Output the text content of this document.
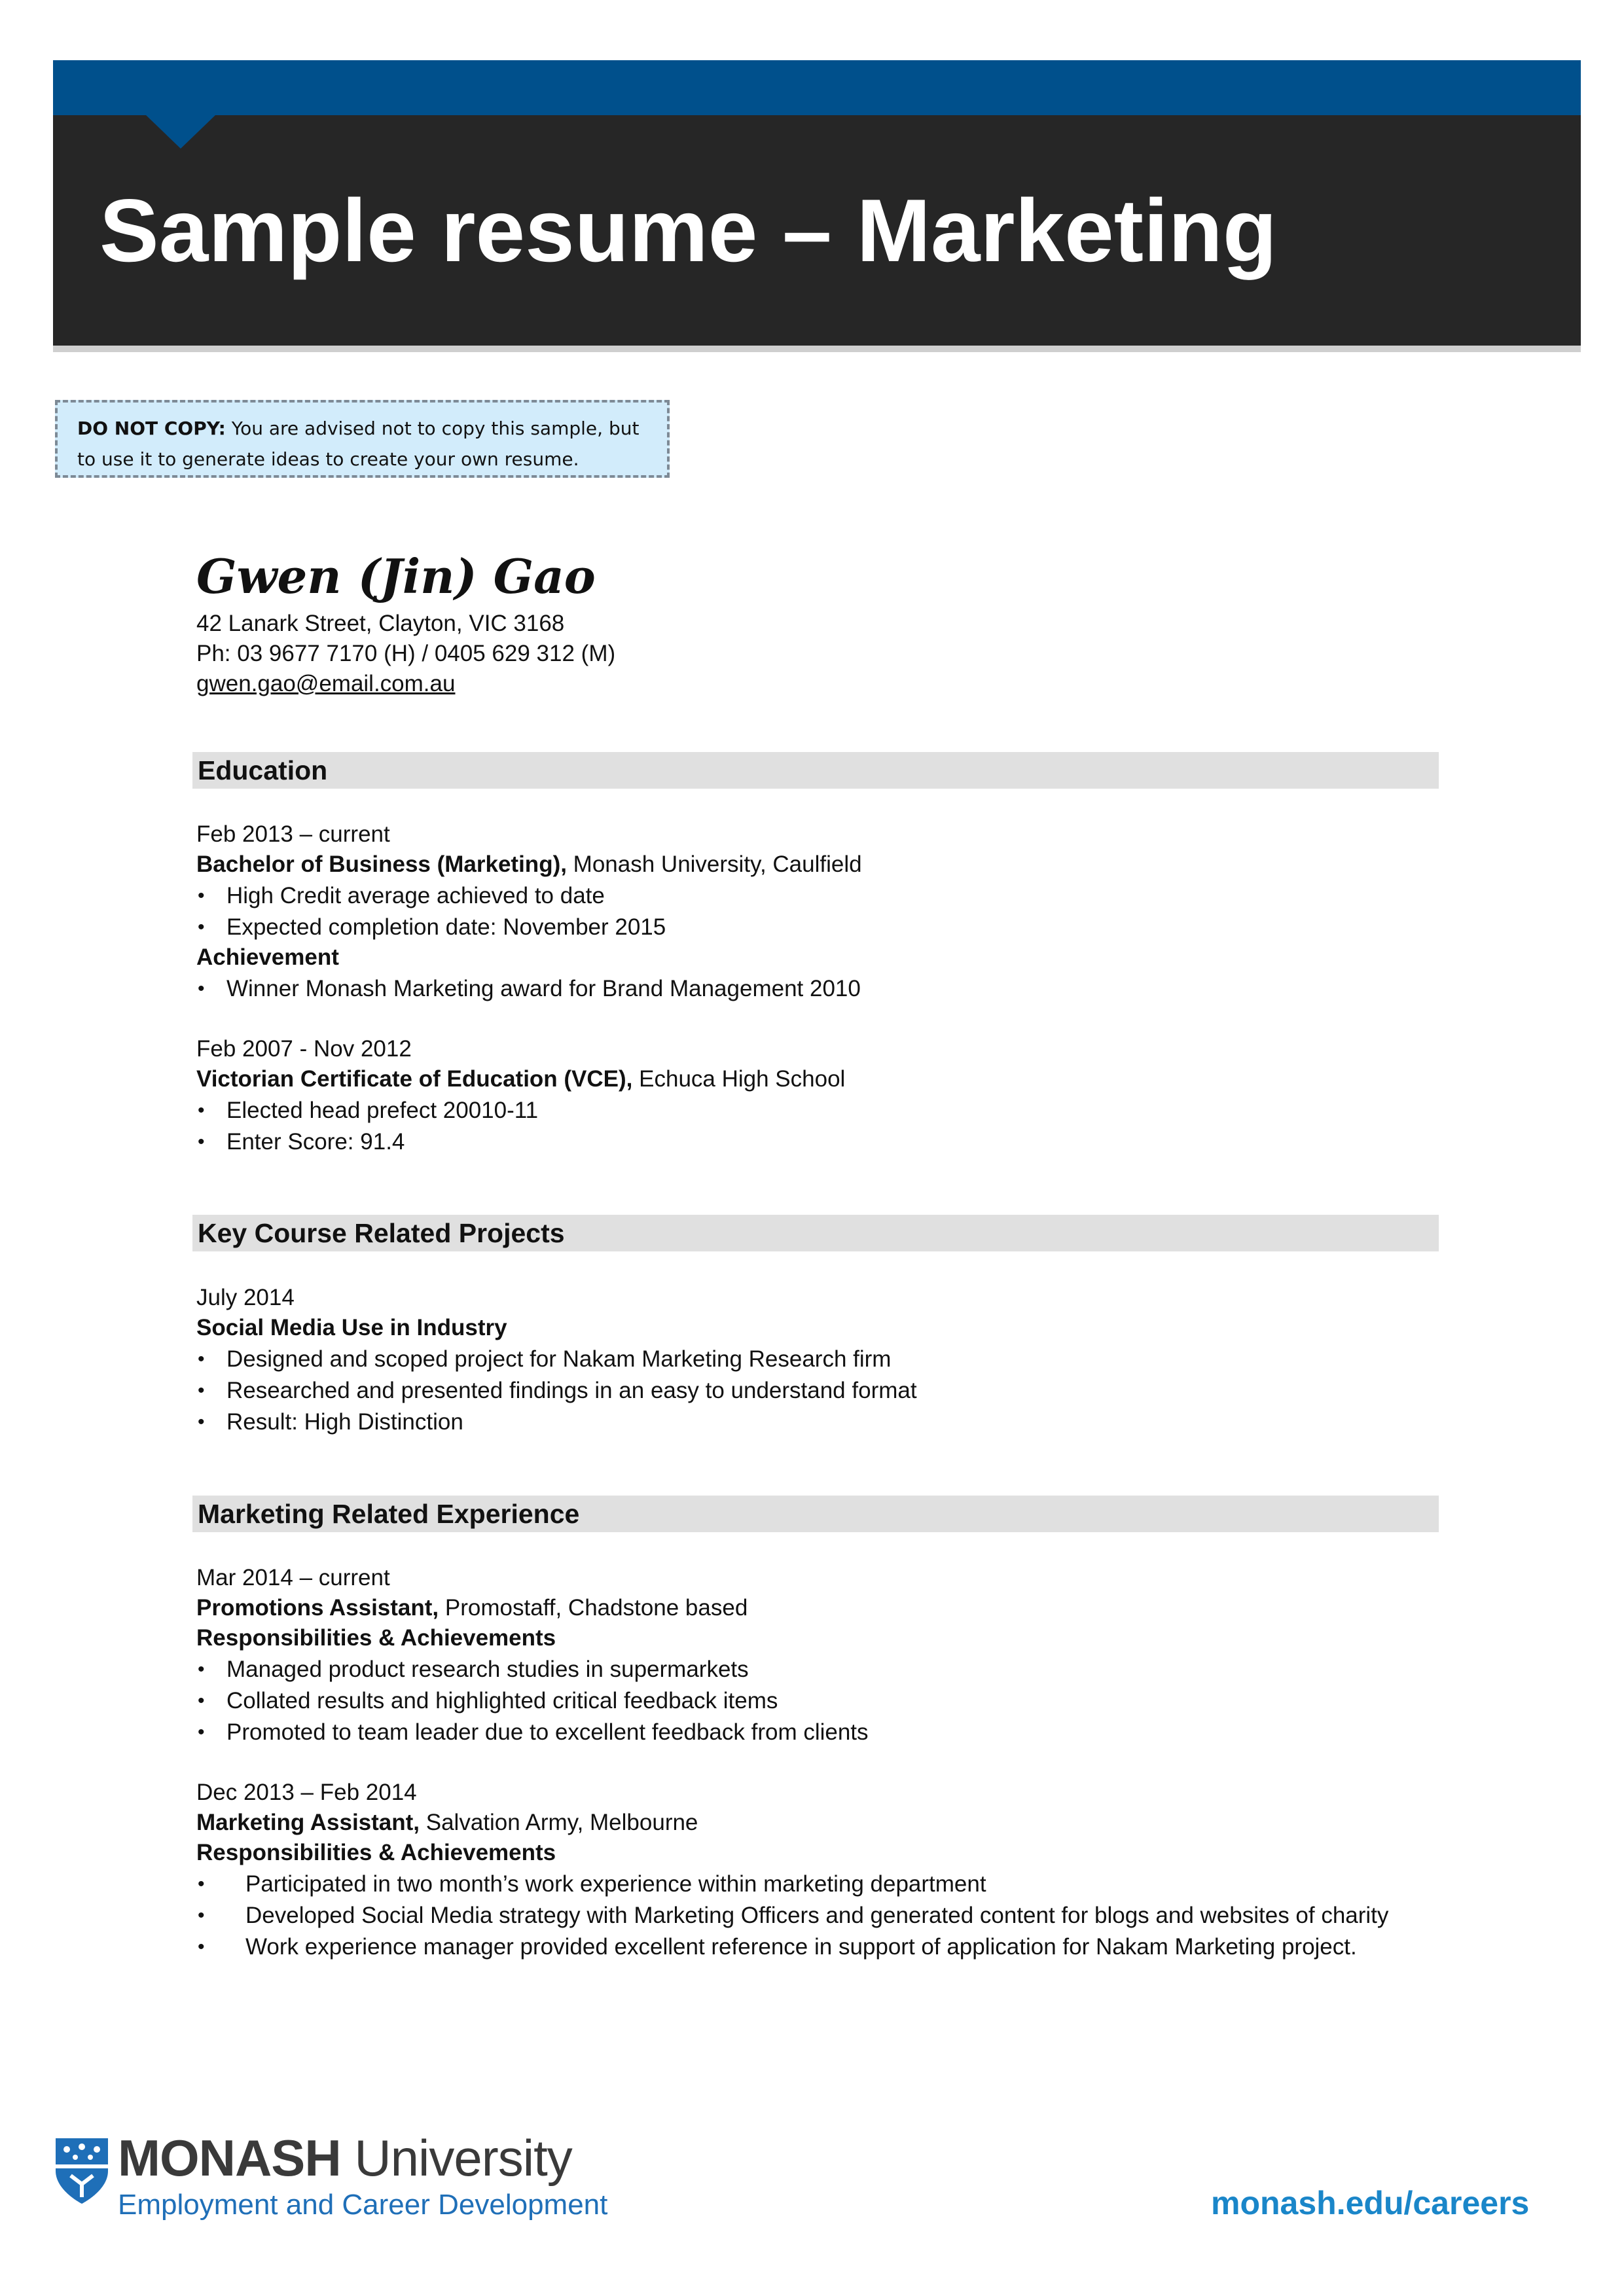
Sample resume – Marketing
DO NOT COPY: You are advised not to copy this sample, but to use it to generate ideas to create your own resume.
Gwen (Jin) Gao
42 Lanark Street, Clayton, VIC 3168
Ph: 03 9677 7170 (H) / 0405 629 312 (M)
gwen.gao@email.com.au
Education
Feb 2013 – current
Bachelor of Business (Marketing), Monash University, Caulfield
• High Credit average achieved to date
• Expected completion date: November 2015
Achievement
• Winner Monash Marketing award for Brand Management 2010
Feb 2007 - Nov 2012
Victorian Certificate of Education (VCE), Echuca High School
• Elected head prefect 20010-11
• Enter Score: 91.4
Key Course Related Projects
July 2014
Social Media Use in Industry
• Designed and scoped project for Nakam Marketing Research firm
• Researched and presented findings in an easy to understand format
• Result: High Distinction
Marketing Related Experience
Mar 2014 – current
Promotions Assistant, Promostaff, Chadstone based
Responsibilities & Achievements
• Managed product research studies in supermarkets
• Collated results and highlighted critical feedback items
• Promoted to team leader due to excellent feedback from clients
Dec 2013 – Feb 2014
Marketing Assistant, Salvation Army, Melbourne
Responsibilities & Achievements
• Participated in two month’s work experience within marketing department
• Developed Social Media strategy with Marketing Officers and generated content for blogs and websites of charity
• Work experience manager provided excellent reference in support of application for Nakam Marketing project.
MONASH University
Employment and Career Development	monash.edu/careers
